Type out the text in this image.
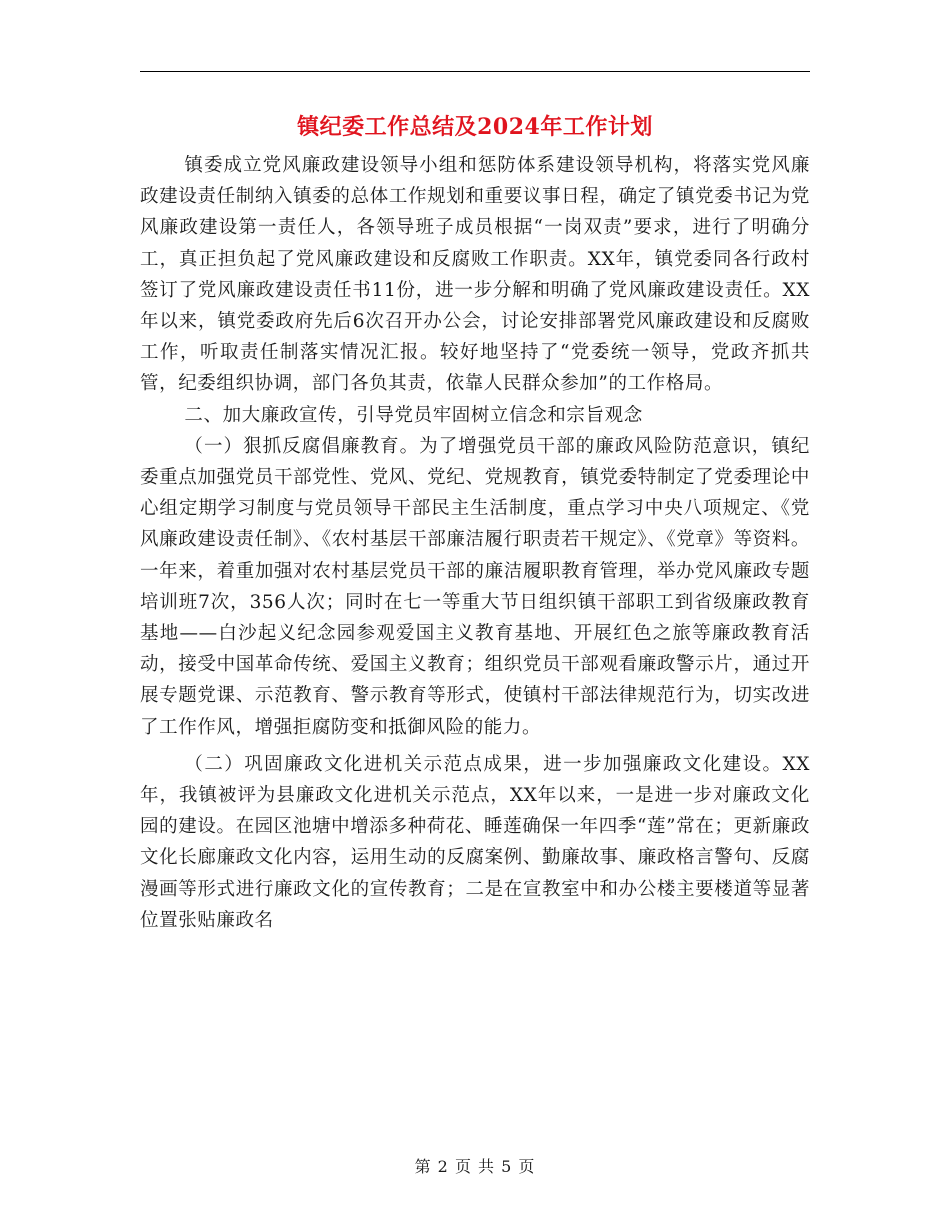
镇纪委工作总结及2024年工作计划

镇委成立党风廉政建设领导小组和惩防体系建设领导机构，将落实党风廉政建设责任制纳入镇委的总体工作规划和重要议事日程，确定了镇党委书记为党风廉政建设第一责任人，各领导班子成员根据“一岗双责”要求，进行了明确分工，真正担负起了党风廉政建设和反腐败工作职责。XX年，镇党委同各行政村签订了党风廉政建设责任书11份，进一步分解和明确了党风廉政建设责任。XX年以来，镇党委政府先后6次召开办公会，讨论安排部署党风廉政建设和反腐败工作，听取责任制落实情况汇报。较好地坚持了“党委统一领导，党政齐抓共管，纪委组织协调，部门各负其责，依靠人民群众参加”的工作格局。

二、加大廉政宣传，引导党员牢固树立信念和宗旨观念

（一）狠抓反腐倡廉教育。为了增强党员干部的廉政风险防范意识，镇纪委重点加强党员干部党性、党风、党纪、党规教育，镇党委特制定了党委理论中心组定期学习制度与党员领导干部民主生活制度，重点学习中央八项规定、《党风廉政建设责任制》、《农村基层干部廉洁履行职责若干规定》、《党章》等资料。一年来，着重加强对农村基层党员干部的廉洁履职教育管理，举办党风廉政专题培训班7次，356人次；同时在七一等重大节日组织镇干部职工到省级廉政教育基地——白沙起义纪念园参观爱国主义教育基地、开展红色之旅等廉政教育活动，接受中国革命传统、爱国主义教育；组织党员干部观看廉政警示片，通过开展专题党课、示范教育、警示教育等形式，使镇村干部法律规范行为，切实改进了工作作风，增强拒腐防变和抵御风险的能力。

（二）巩固廉政文化进机关示范点成果，进一步加强廉政文化建设。XX年，我镇被评为县廉政文化进机关示范点，XX年以来，一是进一步对廉政文化园的建设。在园区池塘中增添多种荷花、睡莲确保一年四季“莲”常在；更新廉政文化长廊廉政文化内容，运用生动的反腐案例、勤廉故事、廉政格言警句、反腐漫画等形式进行廉政文化的宣传教育；二是在宣教室中和办公楼主要楼道等显著位置张贴廉政名

第 2 页 共 5 页
